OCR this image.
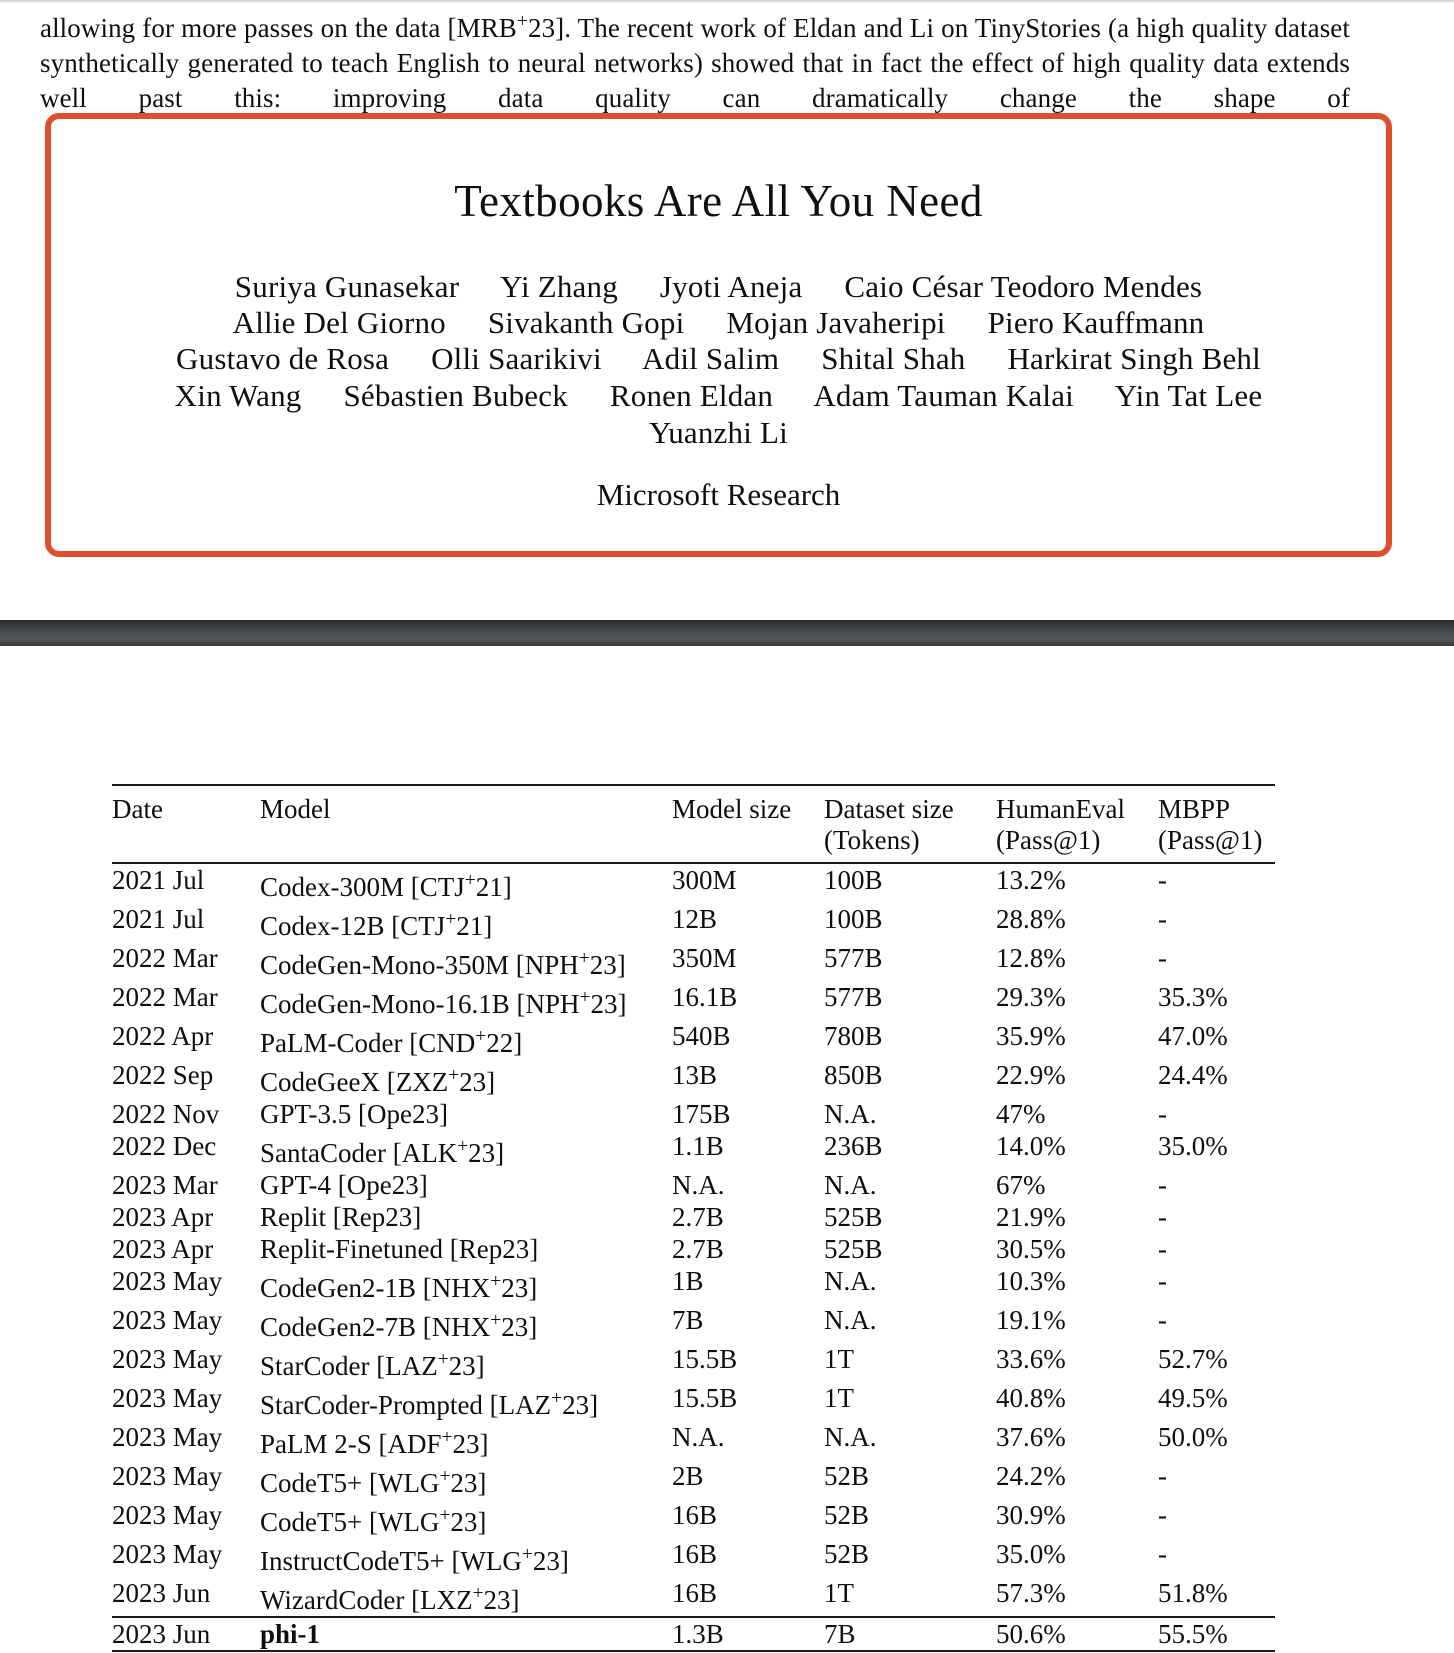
allowing for more passes on the data [MRB+23]. The recent work of Eldan and Li on TinyStories (a high quality dataset synthetically generated to teach English to neural networks) showed that in fact the effect of high quality data extends well past this: improving data quality can dramatically change the shape of
Textbooks Are All You Need
Suriya Gunasekar Yi Zhang Jyoti Aneja Caio César Teodoro Mendes
Allie Del Giorno Sivakanth Gopi Mojan Javaheripi Piero Kauffmann
Gustavo de Rosa Olli Saarikivi Adil Salim Shital Shah Harkirat Singh Behl
Xin Wang Sébastien Bubeck Ronen Eldan Adam Tauman Kalai Yin Tat Lee
Yuanzhi Li
Microsoft Research
Date	Model	Model size	Dataset size	HumanEval	MBPP
			(Tokens)	(Pass@1)	(Pass@1)
2021 Jul	Codex-300M [CTJ+21]	300M	100B	13.2%	-
2021 Jul	Codex-12B [CTJ+21]	12B	100B	28.8%	-
2022 Mar	CodeGen-Mono-350M [NPH+23]	350M	577B	12.8%	-
2022 Mar	CodeGen-Mono-16.1B [NPH+23]	16.1B	577B	29.3%	35.3%
2022 Apr	PaLM-Coder [CND+22]	540B	780B	35.9%	47.0%
2022 Sep	CodeGeeX [ZXZ+23]	13B	850B	22.9%	24.4%
2022 Nov	GPT-3.5 [Ope23]	175B	N.A.	47%	-
2022 Dec	SantaCoder [ALK+23]	1.1B	236B	14.0%	35.0%
2023 Mar	GPT-4 [Ope23]	N.A.	N.A.	67%	-
2023 Apr	Replit [Rep23]	2.7B	525B	21.9%	-
2023 Apr	Replit-Finetuned [Rep23]	2.7B	525B	30.5%	-
2023 May	CodeGen2-1B [NHX+23]	1B	N.A.	10.3%	-
2023 May	CodeGen2-7B [NHX+23]	7B	N.A.	19.1%	-
2023 May	StarCoder [LAZ+23]	15.5B	1T	33.6%	52.7%
2023 May	StarCoder-Prompted [LAZ+23]	15.5B	1T	40.8%	49.5%
2023 May	PaLM 2-S [ADF+23]	N.A.	N.A.	37.6%	50.0%
2023 May	CodeT5+ [WLG+23]	2B	52B	24.2%	-
2023 May	CodeT5+ [WLG+23]	16B	52B	30.9%	-
2023 May	InstructCodeT5+ [WLG+23]	16B	52B	35.0%	-
2023 Jun	WizardCoder [LXZ+23]	16B	1T	57.3%	51.8%
2023 Jun	phi-1	1.3B	7B	50.6%	55.5%
